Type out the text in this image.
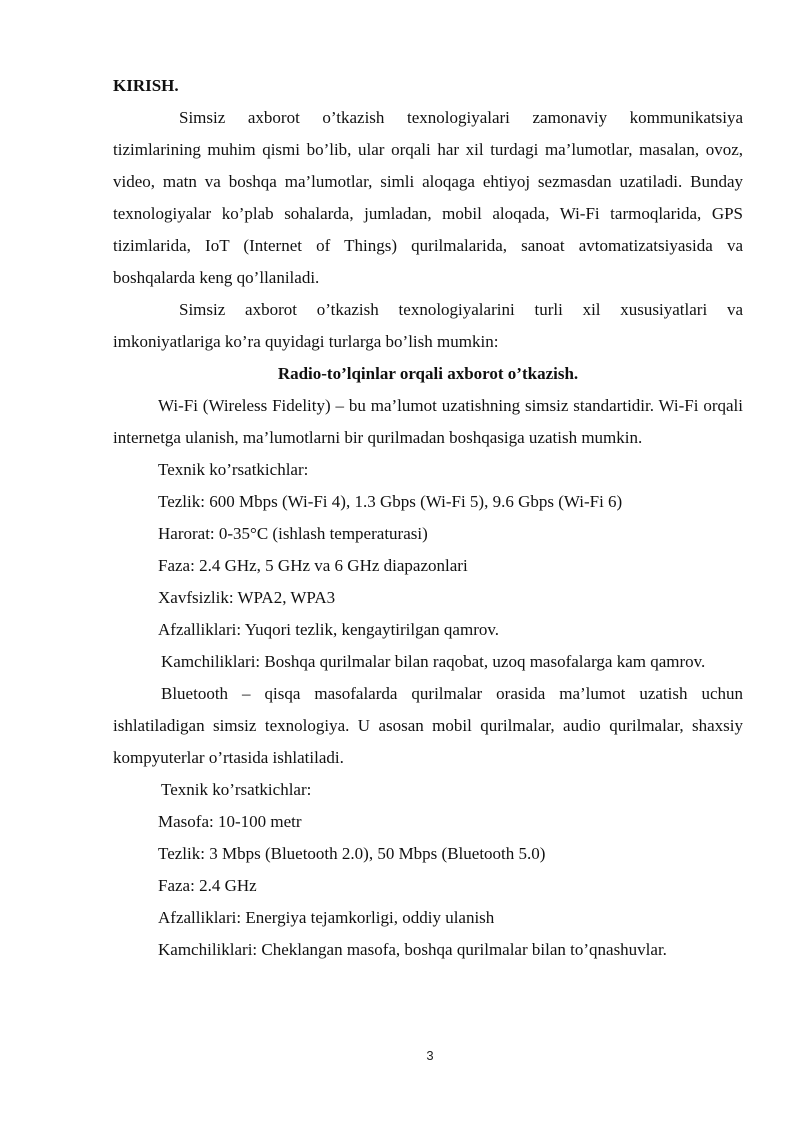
KIRISH.

Simsiz axborot o’tkazish texnologiyalari zamonaviy kommunikatsiya tizimlarining muhim qismi bo’lib, ular orqali har xil turdagi ma’lumotlar, masalan, ovoz, video, matn va boshqa ma’lumotlar, simli aloqaga ehtiyoj sezmasdan uzatiladi. Bunday texnologiyalar ko’plab sohalarda, jumladan, mobil aloqada, Wi-Fi tarmoqlarida, GPS tizimlarida, IoT (Internet of Things) qurilmalarida, sanoat avtomatizatsiyasida va boshqalarda keng qo’llaniladi.

Simsiz axborot o’tkazish texnologiyalarini turli xil xususiyatlari va imkoniyatlariga ko’ra quyidagi turlarga bo’lish mumkin:

Radio-to’lqinlar orqali axborot o’tkazish.

Wi-Fi (Wireless Fidelity) – bu ma’lumot uzatishning simsiz standartidir. Wi-Fi orqali internetga ulanish, ma’lumotlarni bir qurilmadan boshqasiga uzatish mumkin.

Texnik ko’rsatkichlar:

Tezlik: 600 Mbps (Wi-Fi 4), 1.3 Gbps (Wi-Fi 5), 9.6 Gbps (Wi-Fi 6)

Harorat: 0-35°C (ishlash temperaturasi)

Faza: 2.4 GHz, 5 GHz va 6 GHz diapazonlari

Xavfsizlik: WPA2, WPA3

Afzalliklari: Yuqori tezlik, kengaytirilgan qamrov.

Kamchiliklari: Boshqa qurilmalar bilan raqobat, uzoq masofalarga kam qamrov.

Bluetooth – qisqa masofalarda qurilmalar orasida ma’lumot uzatish uchun ishlatiladigan simsiz texnologiya. U asosan mobil qurilmalar, audio qurilmalar, shaxsiy kompyuterlar o’rtasida ishlatiladi.

Texnik ko’rsatkichlar:

Masofa: 10-100 metr

Tezlik: 3 Mbps (Bluetooth 2.0), 50 Mbps (Bluetooth 5.0)

Faza: 2.4 GHz

Afzalliklari: Energiya tejamkorligi, oddiy ulanish

Kamchiliklari: Cheklangan masofa, boshqa qurilmalar bilan to’qnashuvlar.

3
